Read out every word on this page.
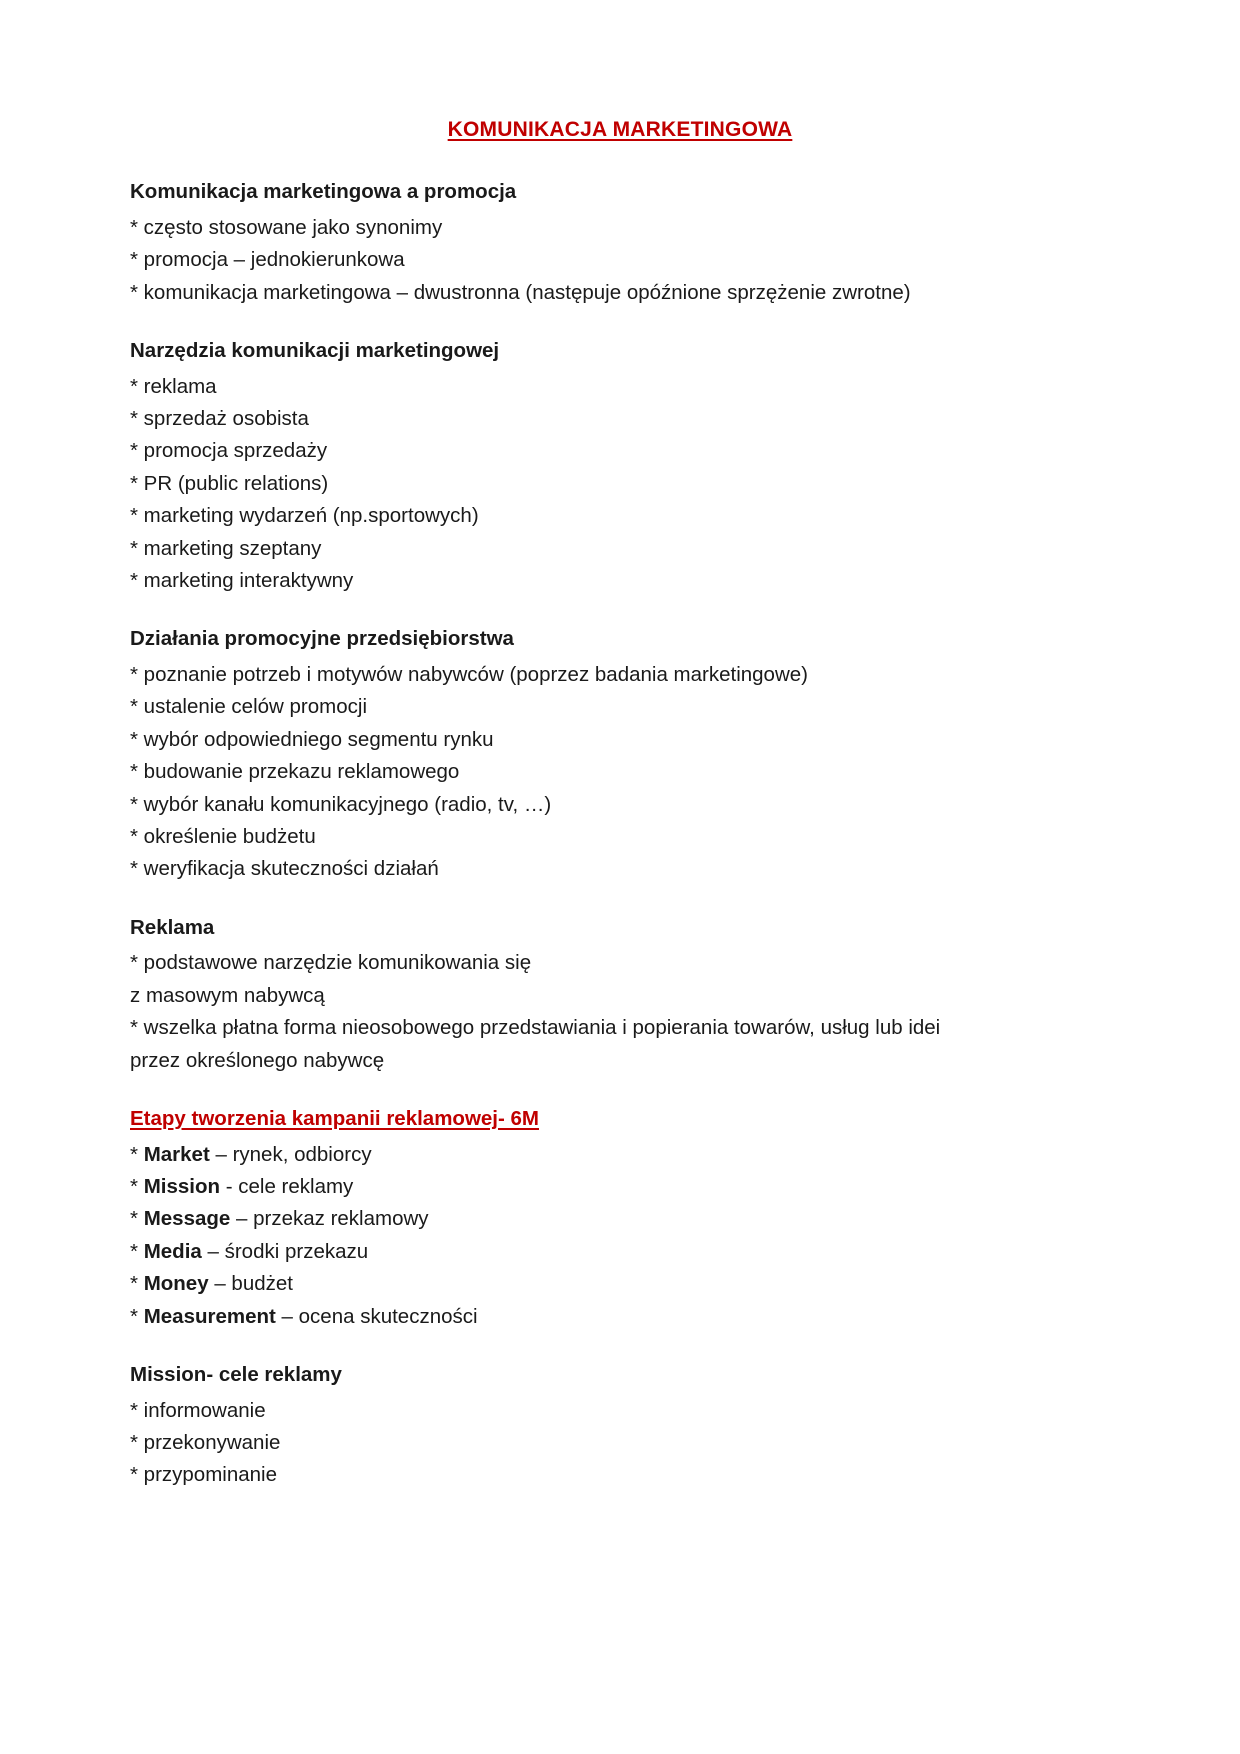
KOMUNIKACJA MARKETINGOWA

Komunikacja marketingowa a promocja

* często stosowane jako synonimy

* promocja – jednokierunkowa

* komunikacja marketingowa – dwustronna (następuje opóźnione sprzężenie zwrotne)

Narzędzia komunikacji marketingowej

* reklama

* sprzedaż osobista

* promocja sprzedaży

* PR (public relations)

* marketing wydarzeń (np.sportowych)

* marketing szeptany

* marketing interaktywny

Działania promocyjne przedsiębiorstwa

* poznanie potrzeb i motywów nabywców (poprzez badania marketingowe)

* ustalenie celów promocji

* wybór odpowiedniego segmentu rynku

* budowanie przekazu reklamowego

* wybór kanału komunikacyjnego (radio, tv, …)

* określenie budżetu

* weryfikacja skuteczności działań

Reklama

* podstawowe narzędzie komunikowania się

z masowym nabywcą

* wszelka płatna forma nieosobowego przedstawiania i popierania towarów, usług lub idei

przez określonego nabywcę

Etapy tworzenia kampanii reklamowej- 6M

* Market – rynek, odbiorcy

* Mission - cele reklamy

* Message – przekaz reklamowy

* Media – środki przekazu

* Money – budżet

* Measurement – ocena skuteczności

Mission- cele reklamy

* informowanie

* przekonywanie

* przypominanie
